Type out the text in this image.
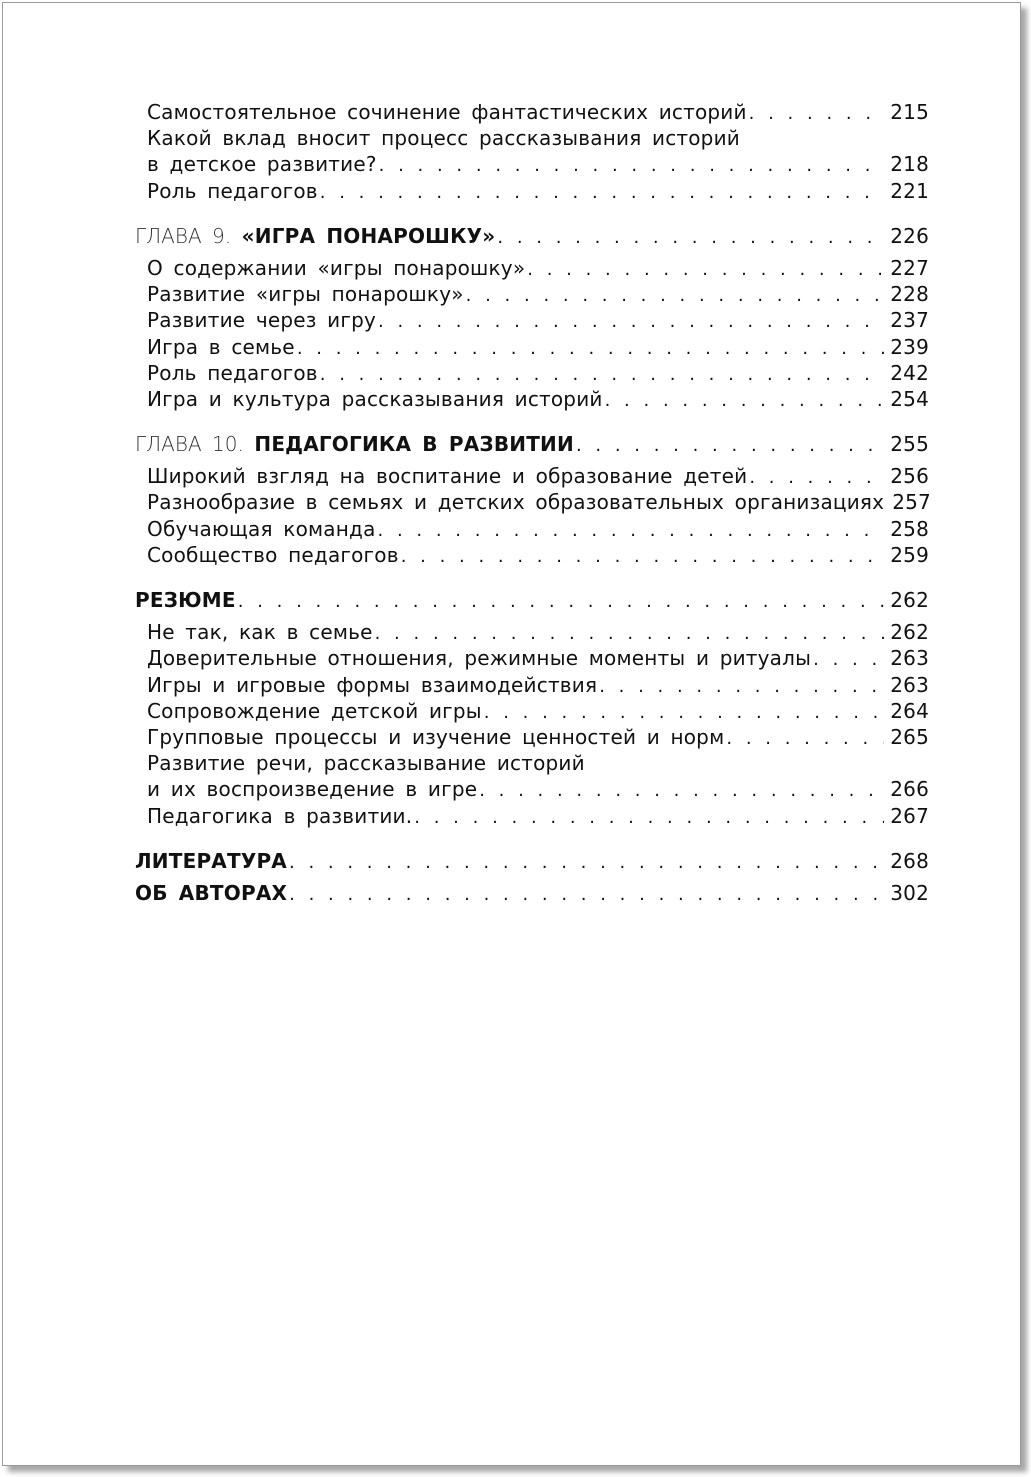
Самостоятельное сочинение фантастических историй . . .	215
Какой вклад вносит процесс рассказывания историй
в детское развитие? . . .	218
Роль педагогов . . .	221
ГЛАВА 9. «ИГРА ПОНАРОШКУ» . . .	226
О содержании «игры понарошку» . . .	227
Развитие «игры понарошку» . . .	228
Развитие через игру . . .	237
Игра в семье . . .	239
Роль педагогов . . .	242
Игра и культура рассказывания историй . . .	254
ГЛАВА 10. ПЕДАГОГИКА В РАЗВИТИИ . . .	255
Широкий взгляд на воспитание и образование детей . . .	256
Разнообразие в семьях и детских образовательных организациях 257
Обучающая команда . . .	258
Сообщество педагогов . . .	259
РЕЗЮМЕ . . .	262
Не так, как в семье . . .	262
Доверительные отношения, режимные моменты и ритуалы . . .	263
Игры и игровые формы взаимодействия . . .	263
Сопровождение детской игры . . .	264
Групповые процессы и изучение ценностей и норм . . .	265
Развитие речи, рассказывание историй
и их воспроизведение в игре . . .	266
Педагогика в развитии. . . .	267
ЛИТЕРАТУРА . . .	268
ОБ АВТОРАХ . . .	302
